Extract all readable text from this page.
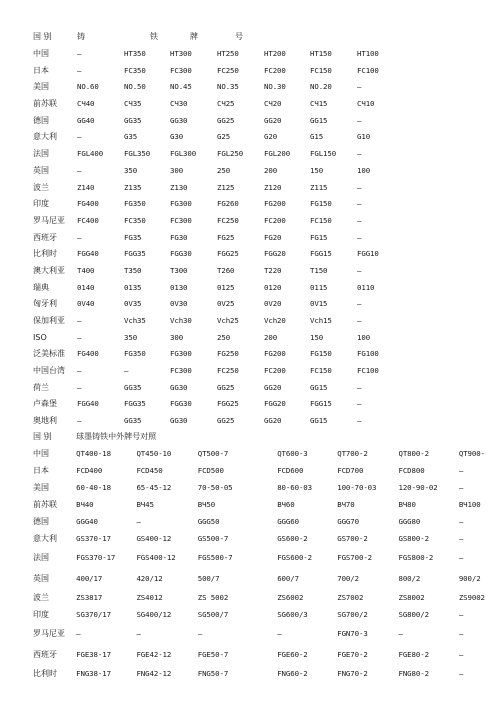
国 别	铸	铁	牌	号			
中国	—	HT350	HT300	HT250	HT200	HT150	HT100
日本	—	FC350	FC300	FC250	FC200	FC150	FC100
美国	NO.60	NO.50	NO.45	NO.35	NO.30	NO.20	—
前苏联	CЧ40	CЧ35	CЧ30	CЧ25	CЧ20	CЧ15	CЧ10
德国	GG40	GG35	GG30	GG25	GG20	GG15	—
意大利	—	G35	G30	G25	G20	G15	G10
法国	FGL400	FGL350	FGL300	FGL250	FGL200	FGL150	—
英国	—	350	300	250	200	150	100
波兰	Z140	Z135	Z130	Z125	Z120	Z115	—
印度	FG400	FG350	FG300	FG260	FG200	FG150	—
罗马尼亚	FC400	FC350	FC300	FC250	FC200	FC150	—
西班牙	—	FG35	FG30	FG25	FG20	FG15	—
比利时	FGG40	FGG35	FGG30	FGG25	FGG20	FGG15	FGG10
澳大利亚	T400	T350	T300	T260	T220	T150	—
瑞典	0140	0135	0130	0125	0120	0115	0110
匈牙利	0V40	0V35	0V30	0V25	0V20	0V15	—
保加利亚	—	Vch35	Vch30	Vch25	Vch20	Vch15	—
ISO	—	350	300	250	200	150	100
泛美标准	FG400	FG350	FG300	FG250	FG200	FG150	FG100
中国台湾	—	—	FC300	FC250	FC200	FC150	FC100
荷兰	—	GG35	GG30	GG25	GG20	GG15	—
卢森堡	FGG40	FGG35	FGG30	FGG25	FGG20	FGG15	—
奥地利	—	GG35	GG30	GG25	GG20	GG15	—
国 别	球墨铸铁中外牌号对照						
中国	QT400-18	QT450-10	QT500-7	QT600-3	QT700-2	QT800-2	QT900-
日本	FCD400	FCD450	FCD500	FCD600	FCD700	FCD800	—
美国	60-40-18	65-45-12	70-50-05	80-60-03	100-70-03	120-90-02	—
前苏联	BЧ40	BЧ45	BЧ50	BЧ60	BЧ70	BЧ80	BЧ100
德国	GGG40	—	GGG50	GGG60	GGG70	GGG80	—
意大利	GS370-17	GS400-12	GS500-7	GS600-2	GS700-2	GS800-2	—
法国	FGS370-17	FGS400-12	FGS500-7	FGS600-2	FGS700-2	FGS800-2	—
英国	400/17	420/12	500/7	600/7	700/2	800/2	900/2
波兰	ZS3817	ZS4012	ZS 5002	ZS6002	ZS7002	ZS8002	ZS9002
印度	SG370/17	SG400/12	SG500/7	SG600/3	SG700/2	SG800/2	—
罗马尼亚	—	—	—	—	FGN70-3	—	—
西班牙	FGE38-17	FGE42-12	FGE50-7	FGE60-2	FGE70-2	FGE80-2	—
比利时	FNG38-17	FNG42-12	FNG50-7	FNG60-2	FNG70-2	FNG80-2	—
